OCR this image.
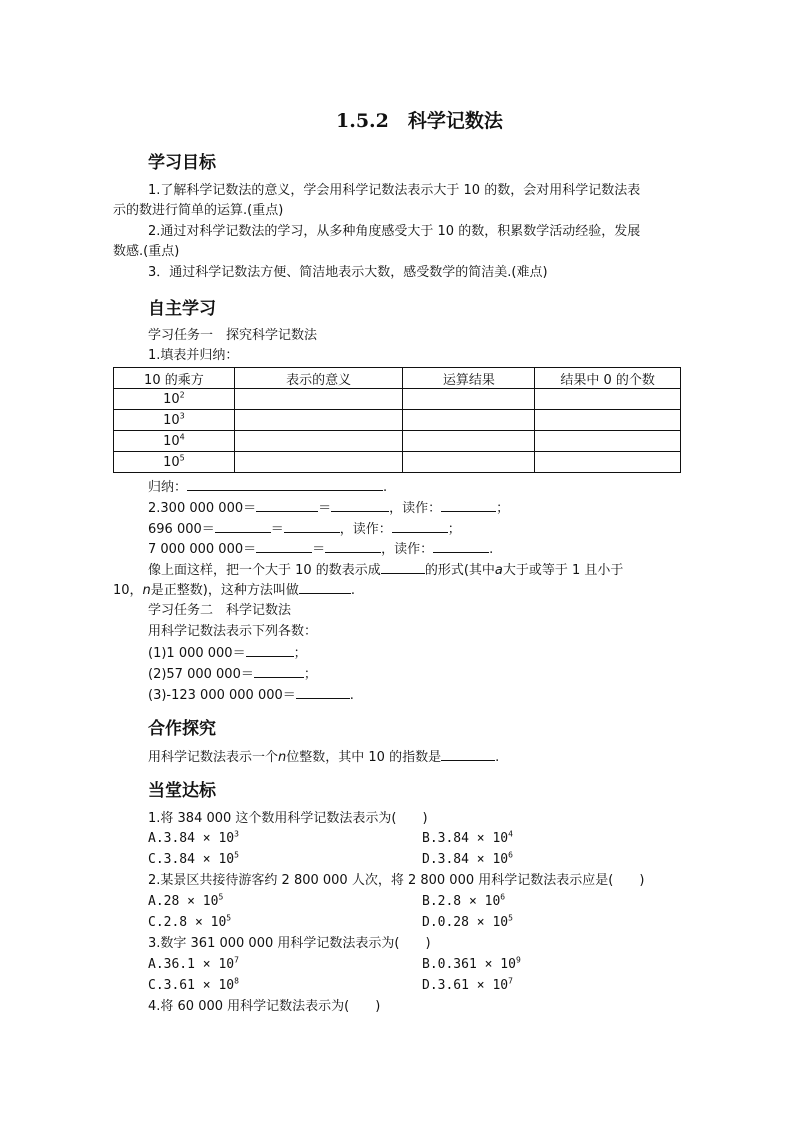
1.5.2　科学记数法
学习目标
1.了解科学记数法的意义，学会用科学记数法表示大于 10 的数，会对用科学记数法表
示的数进行简单的运算.(重点)
2.通过对科学记数法的学习，从多种角度感受大于 10 的数，积累数学活动经验，发展
数感.(重点)
3．通过科学记数法方便、简洁地表示大数，感受数学的简洁美.(难点)
自主学习
学习任务一　探究科学记数法
1.填表并归纳：
10 的乘方	表示的意义	运算结果	结果中 0 的个数
$10^2$			
$10^3$			
$10^4$			
$10^5$			
归纳：	.
2.300 000 000＝	＝	，读作：	；
696 000＝	＝	，读作：	；
7 000 000 000＝	＝	，读作：	.
像上面这样，把一个大于 10 的数表示成	的形式(其中a大于或等于 1 且小于
10，n是正整数)，这种方法叫做	.
学习任务二　科学记数法
用科学记数法表示下列各数：
(1)1 000 000＝	；
(2)57 000 000＝	；
(3)-123 000 000 000＝	.
合作探究
用科学记数法表示一个n位整数，其中 10 的指数是	.
当堂达标
1.将 384 000 这个数用科学记数法表示为(　　)
$A.3.84 \times 10^3$	$B.3.84 \times 10^4$
$C.3.84 \times 10^5$	$D.3.84 \times 10^6$
2.某景区共接待游客约 2 800 000 人次，将 2 800 000 用科学记数法表示应是(　　)
$A.28 \times 10^5$	$B.2.8 \times 10^6$
$C.2.8 \times 10^5$	$D.0.28 \times 10^5$
3.数字 361 000 000 用科学记数法表示为(　　)
$A.36.1 \times 10^7$	$B.0.361 \times 10^9$
$C.3.61 \times 10^8$	$D.3.61 \times 10^7$
4.将 60 000 用科学记数法表示为(　　)
